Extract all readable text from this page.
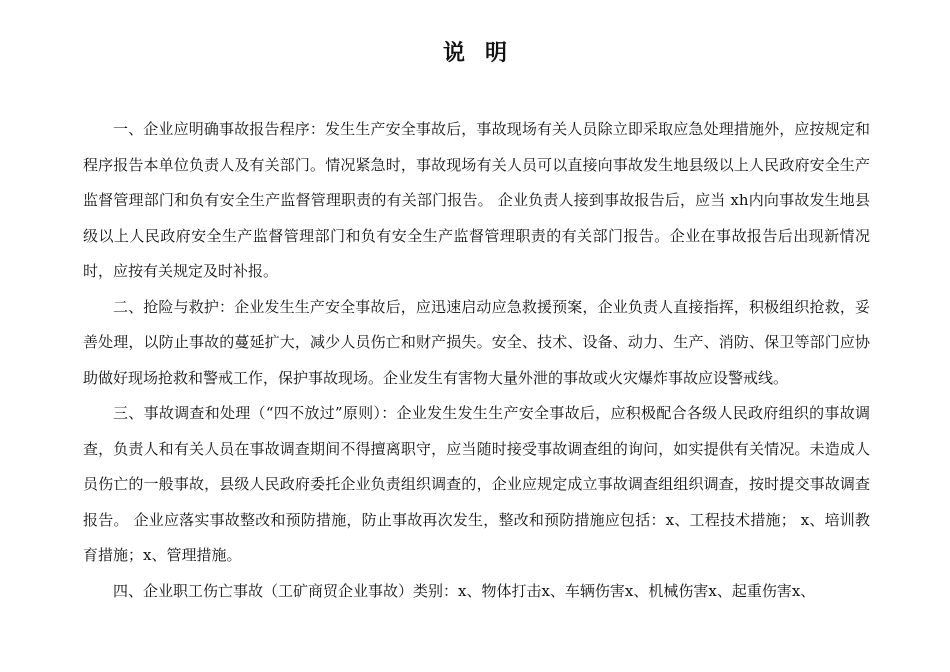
说明

一、企业应明确事故报告程序：发生生产安全事故后，事故现场有关人员除立即采取应急处理措施外，应按规定和程序报告本单位负责人及有关部门。情况紧急时，事故现场有关人员可以直接向事故发生地县级以上人民政府安全生产监督管理部门和负有安全生产监督管理职责的有关部门报告。 企业负责人接到事故报告后，应当 xh内向事故发生地县级以上人民政府安全生产监督管理部门和负有安全生产监督管理职责的有关部门报告。企业在事故报告后出现新情况时，应按有关规定及时补报。

二、抢险与救护：企业发生生产安全事故后，应迅速启动应急救援预案，企业负责人直接指挥，积极组织抢救，妥善处理，以防止事故的蔓延扩大，减少人员伤亡和财产损失。安全、技术、设备、动力、生产、消防、保卫等部门应协助做好现场抢救和警戒工作，保护事故现场。企业发生有害物大量外泄的事故或火灾爆炸事故应设警戒线。

三、事故调查和处理（“四不放过”原则）：企业发生发生生产安全事故后，应积极配合各级人民政府组织的事故调查，负责人和有关人员在事故调查期间不得擅离职守，应当随时接受事故调查组的询问，如实提供有关情况。未造成人员伤亡的一般事故，县级人民政府委托企业负责组织调查的，企业应规定成立事故调查组组织调查，按时提交事故调查报告。 企业应落实事故整改和预防措施，防止事故再次发生，整改和预防措施应包括：x、工程技术措施； x、培训教育措施；x、管理措施。

四、企业职工伤亡事故（工矿商贸企业事故）类别：x、物体打击x、车辆伤害x、机械伤害x、起重伤害x、
